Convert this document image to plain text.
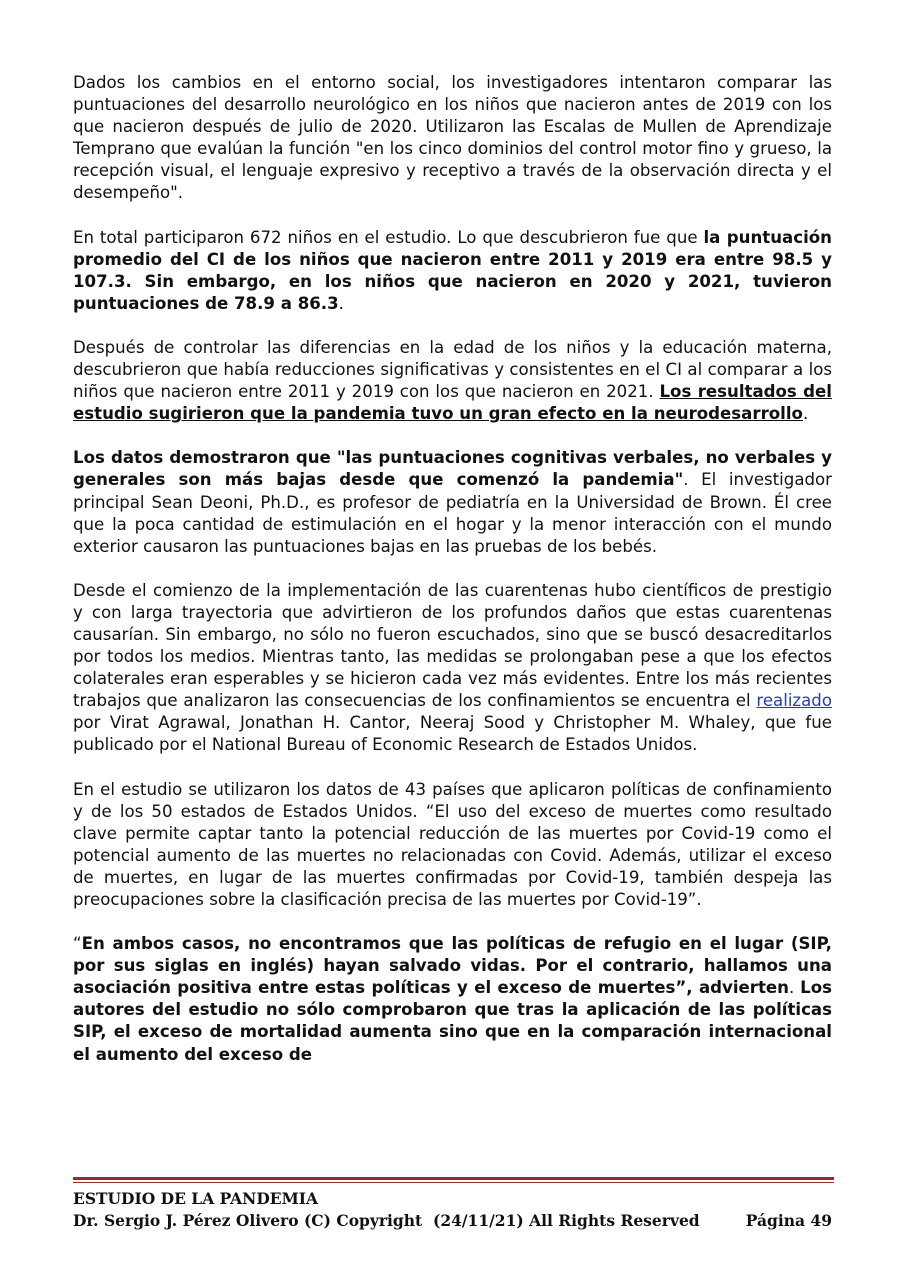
Dados los cambios en el entorno social, los investigadores intentaron comparar las puntuaciones del desarrollo neurológico en los niños que nacieron antes de 2019 con los que nacieron después de julio de 2020. Utilizaron las Escalas de Mullen de Aprendizaje Temprano que evalúan la función "en los cinco dominios del control motor fino y grueso, la recepción visual, el lenguaje expresivo y receptivo a través de la observación directa y el desempeño".

En total participaron 672 niños en el estudio. Lo que descubrieron fue que la puntuación promedio del CI de los niños que nacieron entre 2011 y 2019 era entre 98.5 y 107.3. Sin embargo, en los niños que nacieron en 2020 y 2021, tuvieron puntuaciones de 78.9 a 86.3.

Después de controlar las diferencias en la edad de los niños y la educación materna, descubrieron que había reducciones significativas y consistentes en el CI al comparar a los niños que nacieron entre 2011 y 2019 con los que nacieron en 2021. Los resultados del estudio sugirieron que la pandemia tuvo un gran efecto en la neurodesarrollo.

Los datos demostraron que "las puntuaciones cognitivas verbales, no verbales y generales son más bajas desde que comenzó la pandemia". El investigador principal Sean Deoni, Ph.D., es profesor de pediatría en la Universidad de Brown. Él cree que la poca cantidad de estimulación en el hogar y la menor interacción con el mundo exterior causaron las puntuaciones bajas en las pruebas de los bebés.

Desde el comienzo de la implementación de las cuarentenas hubo científicos de prestigio y con larga trayectoria que advirtieron de los profundos daños que estas cuarentenas causarían. Sin embargo, no sólo no fueron escuchados, sino que se buscó desacreditarlos por todos los medios. Mientras tanto, las medidas se prolongaban pese a que los efectos colaterales eran esperables y se hicieron cada vez más evidentes. Entre los más recientes trabajos que analizaron las consecuencias de los confinamientos se encuentra el realizado por Virat Agrawal, Jonathan H. Cantor, Neeraj Sood y Christopher M. Whaley, que fue publicado por el National Bureau of Economic Research de Estados Unidos.

En el estudio se utilizaron los datos de 43 países que aplicaron políticas de confinamiento y de los 50 estados de Estados Unidos. “El uso del exceso de muertes como resultado clave permite captar tanto la potencial reducción de las muertes por Covid-19 como el potencial aumento de las muertes no relacionadas con Covid. Además, utilizar el exceso de muertes, en lugar de las muertes confirmadas por Covid-19, también despeja las preocupaciones sobre la clasificación precisa de las muertes por Covid-19”.

“En ambos casos, no encontramos que las políticas de refugio en el lugar (SIP, por sus siglas en inglés) hayan salvado vidas. Por el contrario, hallamos una asociación positiva entre estas políticas y el exceso de muertes”, advierten. Los autores del estudio no sólo comprobaron que tras la aplicación de las políticas SIP, el exceso de mortalidad aumenta sino que en la comparación internacional el aumento del exceso de

ESTUDIO DE LA PANDEMIA
Dr. Sergio J. Pérez Olivero (C) Copyright  (24/11/21) All Rights Reserved	Página 49
